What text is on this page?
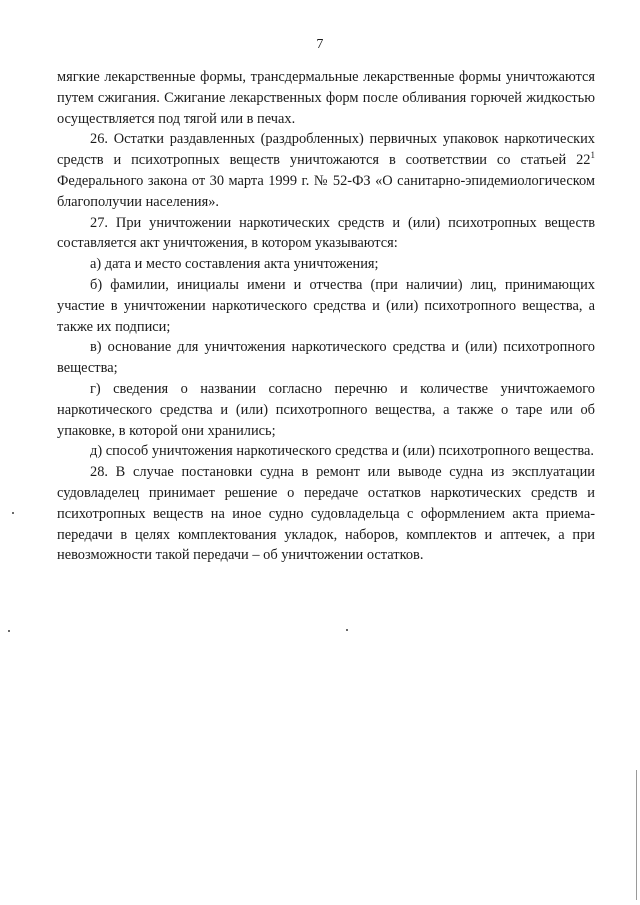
7

мягкие лекарственные формы, трансдермальные лекарственные формы уничтожаются путем сжигания. Сжигание лекарственных форм после обливания горючей жидкостью осуществляется под тягой или в печах.

26. Остатки раздавленных (раздробленных) первичных упаковок наркотических средств и психотропных веществ уничтожаются в соответствии со статьей $22^1$ Федерального закона от 30 марта 1999 г. № 52-ФЗ «О санитарно-эпидемиологическом благополучии населения».

27. При уничтожении наркотических средств и (или) психотропных веществ составляется акт уничтожения, в котором указываются:

а) дата и место составления акта уничтожения;

б) фамилии, инициалы имени и отчества (при наличии) лиц, принимающих участие в уничтожении наркотического средства и (или) психотропного вещества, а также их подписи;

в) основание для уничтожения наркотического средства и (или) психотропного вещества;

г) сведения о названии согласно перечню и количестве уничтожаемого наркотического средства и (или) психотропного вещества, а также о таре или об упаковке, в которой они хранились;

д) способ уничтожения наркотического средства и (или) психотропного вещества.

28. В случае постановки судна в ремонт или выводе судна из эксплуатации судовладелец принимает решение о передаче остатков наркотических средств и психотропных веществ на иное судно судовладельца с оформлением акта приема-передачи в целях комплектования укладок, наборов, комплектов и аптечек, а при невозможности такой передачи – об уничтожении остатков.
